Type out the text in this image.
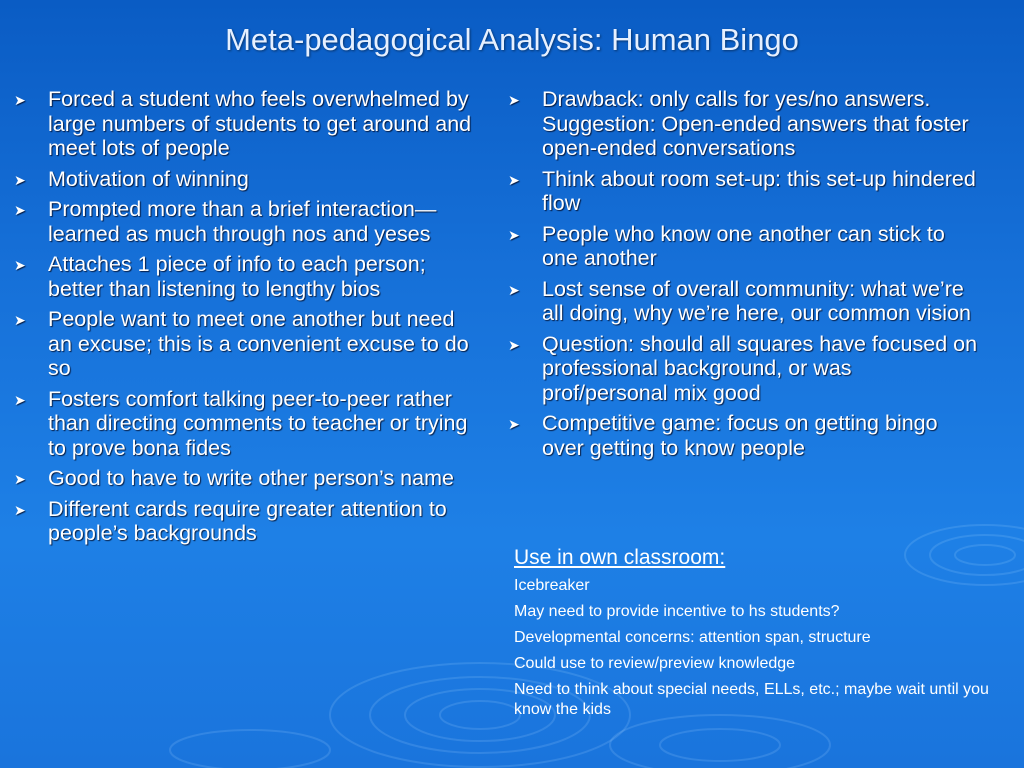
Meta-pedagogical Analysis: Human Bingo
➤ Forced a student who feels overwhelmed by large numbers of students to get around and meet lots of people
➤ Motivation of winning
➤ Prompted more than a brief interaction—learned as much through nos and yeses
➤ Attaches 1 piece of info to each person; better than listening to lengthy bios
➤ People want to meet one another but need an excuse; this is a convenient excuse to do so
➤ Fosters comfort talking peer-to-peer rather than directing comments to teacher or trying to prove bona fides
➤ Good to have to write other person’s name
➤ Different cards require greater attention to people’s backgrounds
➤ Drawback: only calls for yes/no answers. Suggestion: Open-ended answers that foster open-ended conversations
➤ Think about room set-up: this set-up hindered flow
➤ People who know one another can stick to one another
➤ Lost sense of overall community: what we’re all doing, why we’re here, our common vision
➤ Question: should all squares have focused on professional background, or was prof/personal mix good
➤ Competitive game: focus on getting bingo over getting to know people
Use in own classroom:
Icebreaker
May need to provide incentive to hs students?
Developmental concerns: attention span, structure
Could use to review/preview knowledge
Need to think about special needs, ELLs, etc.; maybe wait until you know the kids
